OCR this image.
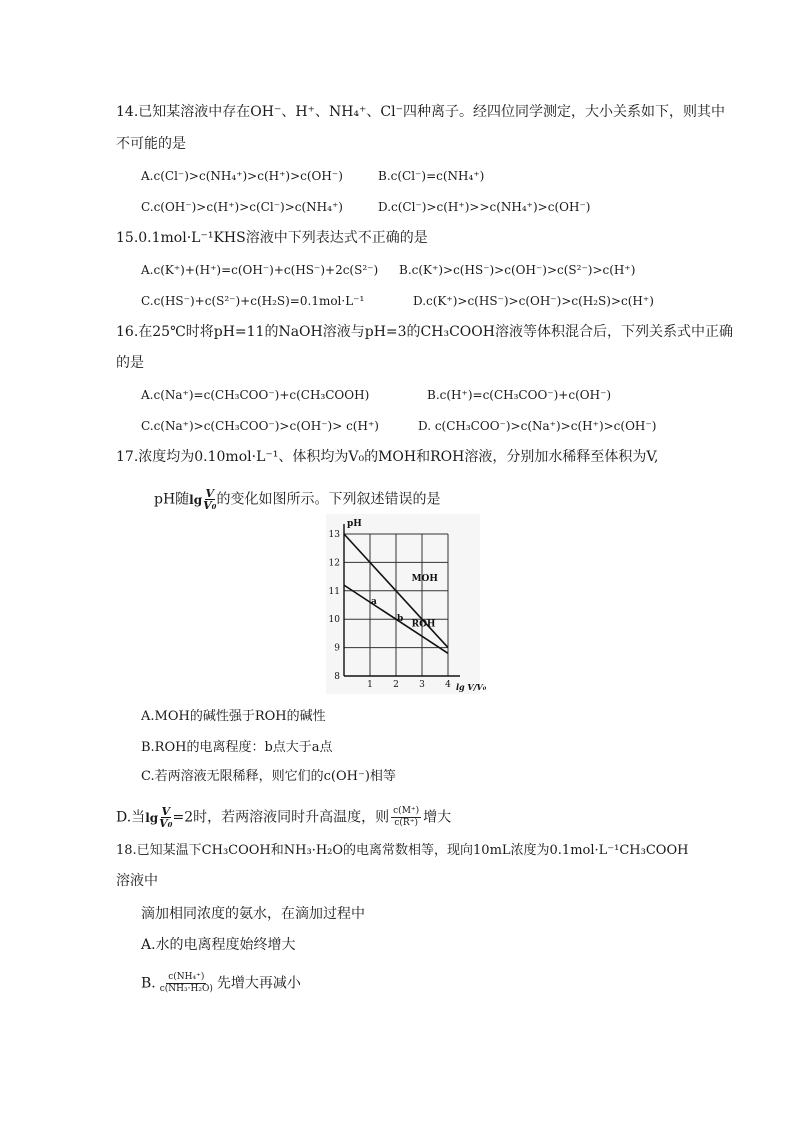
14.已知某溶液中存在OH⁻、H⁺、NH₄⁺、Cl⁻四种离子。经四位同学测定，大小关系如下，则其中
不可能的是
A.c(Cl⁻)>c(NH₄⁺)>c(H⁺)>c(OH⁻)	B.c(Cl⁻)=c(NH₄⁺)
C.c(OH⁻)>c(H⁺)>c(Cl⁻)>c(NH₄⁺)	D.c(Cl⁻)>c(H⁺)>>c(NH₄⁺)>c(OH⁻)
15.0.1mol·L⁻¹KHS溶液中下列表达式不正确的是
A.c(K⁺)+(H⁺)=c(OH⁻)+c(HS⁻)+2c(S²⁻) B.c(K⁺)>c(HS⁻)>c(OH⁻)>c(S²⁻)>c(H⁺)
C.c(HS⁻)+c(S²⁻)+c(H₂S)=0.1mol·L⁻¹	D.c(K⁺)>c(HS⁻)>c(OH⁻)>c(H₂S)>c(H⁺)
16.在25℃时将pH=11的NaOH溶液与pH=3的CH₃COOH溶液等体积混合后，下列关系式中正确
的是
A.c(Na⁺)=c(CH₃COO⁻)+c(CH₃COOH)	B.c(H⁺)=c(CH₃COO⁻)+c(OH⁻)
C.c(Na⁺)>c(CH₃COO⁻)>c(OH⁻)> c(H⁺)	D. c(CH₃COO⁻)>c(Na⁺)>c(H⁺)>c(OH⁻)
17.浓度均为0.10mol·L⁻¹、体积均为V₀的MOH和ROH溶液，分别加水稀释至体积为V,
pH随 $\lg \frac{V}{\text{V₀}}$ 的变化如图所示。下列叙述错误的是
8
9
10
11
12
13
1 2 3 4
pH
lg V/V₀
MOH
ROH
a
b
A.MOH的碱性强于ROH的碱性
B.ROH的电离程度：b点大于a点
C.若两溶液无限稀释，则它们的c(OH⁻)相等
D.当 $\lg \frac{V}{\text{V₀}} =2$时，若两溶液同时升高温度，则 $\frac{c(M^+)}{c(R^+)}$ 增大
18.已知某温下CH₃COOH和NH₃·H₂O的电离常数相等，现向10mL浓度为0.1mol·L⁻¹CH₃COOH
溶液中
滴加相同浓度的氨水，在滴加过程中
A.水的电离程度始终增大
B. $\frac{\text{c(NH₄⁺)}}{\text{c(NH₃·H₂O)}}$ 先增大再减小
